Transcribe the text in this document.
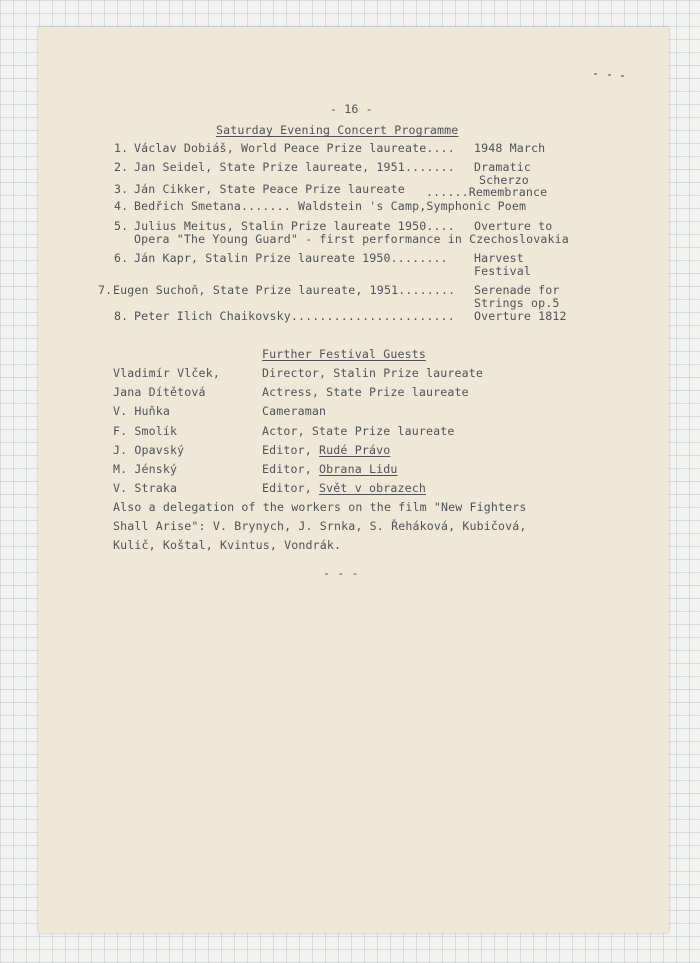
- 16 -
Saturday Evening Concert Programme
1. Václav Dobiáš, World Peace Prize laureate.... 1948 March
2. Jan Seidel, State Prize laureate, 1951....... Dramatic
Scherzo
3. Ján Cikker, State Peace Prize laureate ......Remembrance
4. Bedřich Smetana....... Waldstein 's Camp,Symphonic Poem
5. Julius Meitus, Stalin Prize laureate 1950.... Overture to
Opera "The Young Guard" - first performance in Czechoslovakia
6. Ján Kapr, Stalin Prize laureate 1950........ Harvest
Festival
7. Eugen Suchoň, State Prize laureate, 1951........ Serenade for
Strings op.5
8. Peter Ilich Chaikovsky....................... Overture 1812
Further Festival Guests
Vladimír Vlček,	Director, Stalin Prize laureate
Jana Dítětová	Actress, State Prize laureate
V. Huňka	Cameraman
F. Smolík	Actor, State Prize laureate
J. Opavský	Editor, Rudé Právo
M. Jénský	Editor, Obrana Lidu
V. Straka	Editor, Svět v obrazech
Also a delegation of the workers on the film "New Fighters
Shall Arise": V. Brynych, J. Srnka, S. Řeháková, Kubičová,
Kulič, Koštal, Kvintus, Vondrák.
- - -
